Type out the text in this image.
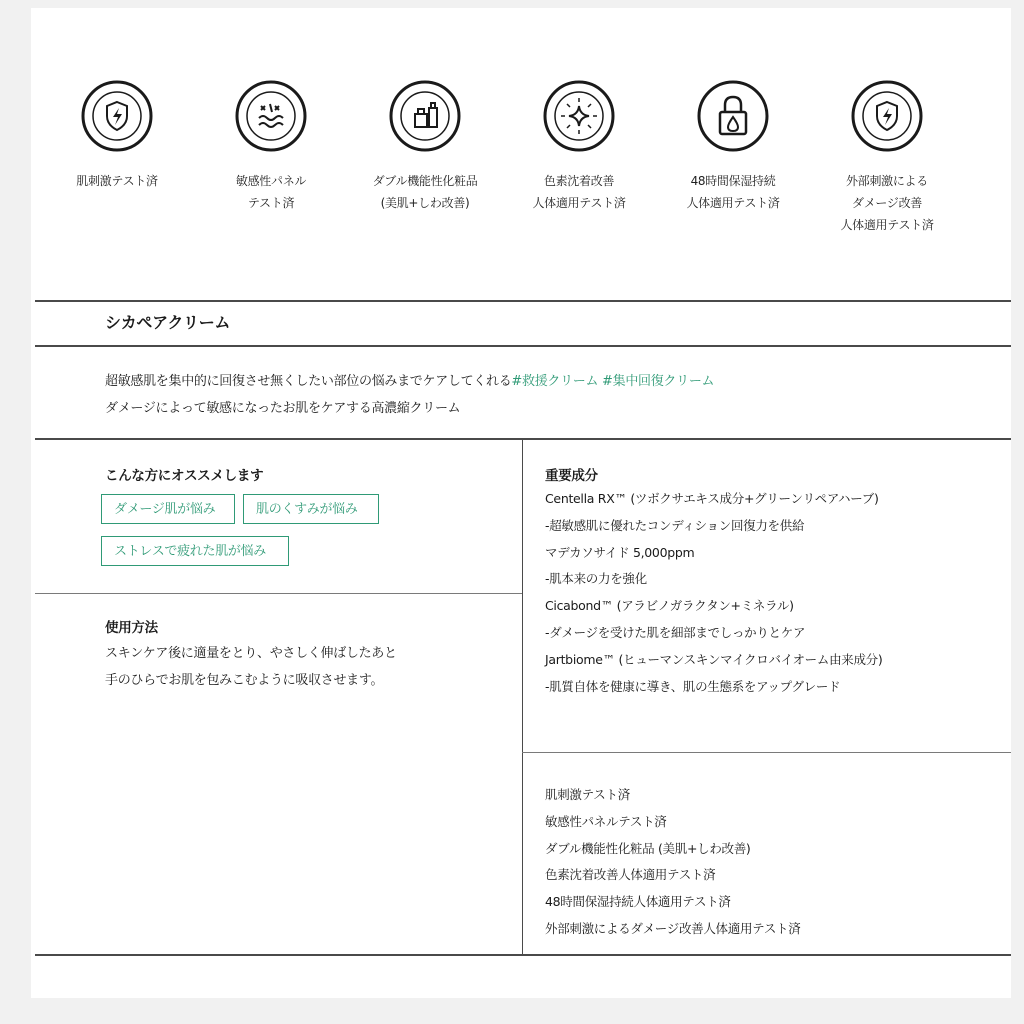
肌刺激テスト済	敏感性パネル
テスト済
ダブル機能性化粧品
(美肌+しわ改善)
色素沈着改善
人体適用テスト済
48時間保湿持続
人体適用テスト済
外部刺激による
ダメージ改善
人体適用テスト済
シカペアクリーム
超敏感肌を集中的に回復させ無くしたい部位の悩みまでケアしてくれる#救援クリーム #集中回復クリーム
ダメージによって敏感になったお肌をケアする高濃縮クリーム
こんな方にオススメします
ダメージ肌が悩み	肌のくすみが悩み
ストレスで疲れた肌が悩み
使用方法
スキンケア後に適量をとり、やさしく伸ばしたあと
手のひらでお肌を包みこむように吸収させます。
重要成分
Centella RX™ (ツボクサエキス成分+グリーンリペアハーブ)
-超敏感肌に優れたコンディション回復力を供給
マデカソサイド 5,000ppm
-肌本来の力を強化
Cicabond™ (アラビノガラクタン+ミネラル)
-ダメージを受けた肌を細部までしっかりとケア
Jartbiome™ (ヒューマンスキンマイクロバイオーム由来成分)
-肌質自体を健康に導き、肌の生態系をアップグレード
肌刺激テスト済
敏感性パネルテスト済
ダブル機能性化粧品 (美肌+しわ改善)
色素沈着改善人体適用テスト済
48時間保湿持続人体適用テスト済
外部刺激によるダメージ改善人体適用テスト済
